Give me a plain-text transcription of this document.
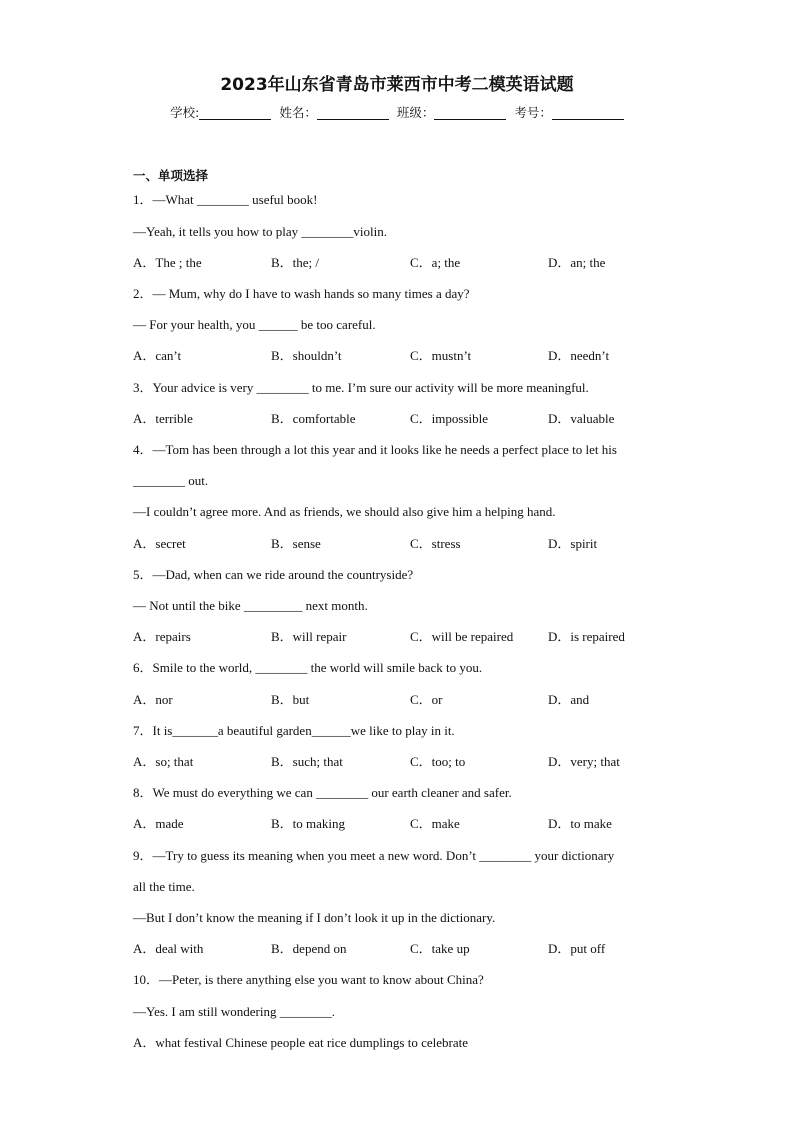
2023年山东省青岛市莱西市中考二模英语试题
学校:	姓名：	班级：	考号：
一、单项选择
1．—What ________ useful book!
—Yeah, it tells you how to play ________violin.
A．The ; the	B．the; /	C．a; the	D．an; the
2．— Mum, why do I have to wash hands so many times a day?
— For your health, you ______ be too careful.
A．can’t	B．shouldn’t	C．mustn’t	D．needn’t
3．Your advice is very ________ to me. I’m sure our activity will be more meaningful.
A．terrible	B．comfortable	C．impossible	D．valuable
4．—Tom has been through a lot this year and it looks like he needs a perfect place to let his
________ out.
—I couldn’t agree more. And as friends, we should also give him a helping hand.
A．secret	B．sense	C．stress	D．spirit
5．—Dad, when can we ride around the countryside?
— Not until the bike _________ next month.
A．repairs	B．will repair	C．will be repaired	D．is repaired
6．Smile to the world, ________ the world will smile back to you.
A．nor	B．but	C．or	D．and
7．It is_______a beautiful garden______we like to play in it.
A．so; that	B．such; that	C．too; to	D．very; that
8．We must do everything we can ________ our earth cleaner and safer.
A．made	B．to making	C．make	D．to make
9．—Try to guess its meaning when you meet a new word. Don’t ________ your dictionary
all the time.
—But I don’t know the meaning if I don’t look it up in the dictionary.
A．deal with	B．depend on	C．take up	D．put off
10．—Peter, is there anything else you want to know about China?
—Yes. I am still wondering ________.
A．what festival Chinese people eat rice dumplings to celebrate
